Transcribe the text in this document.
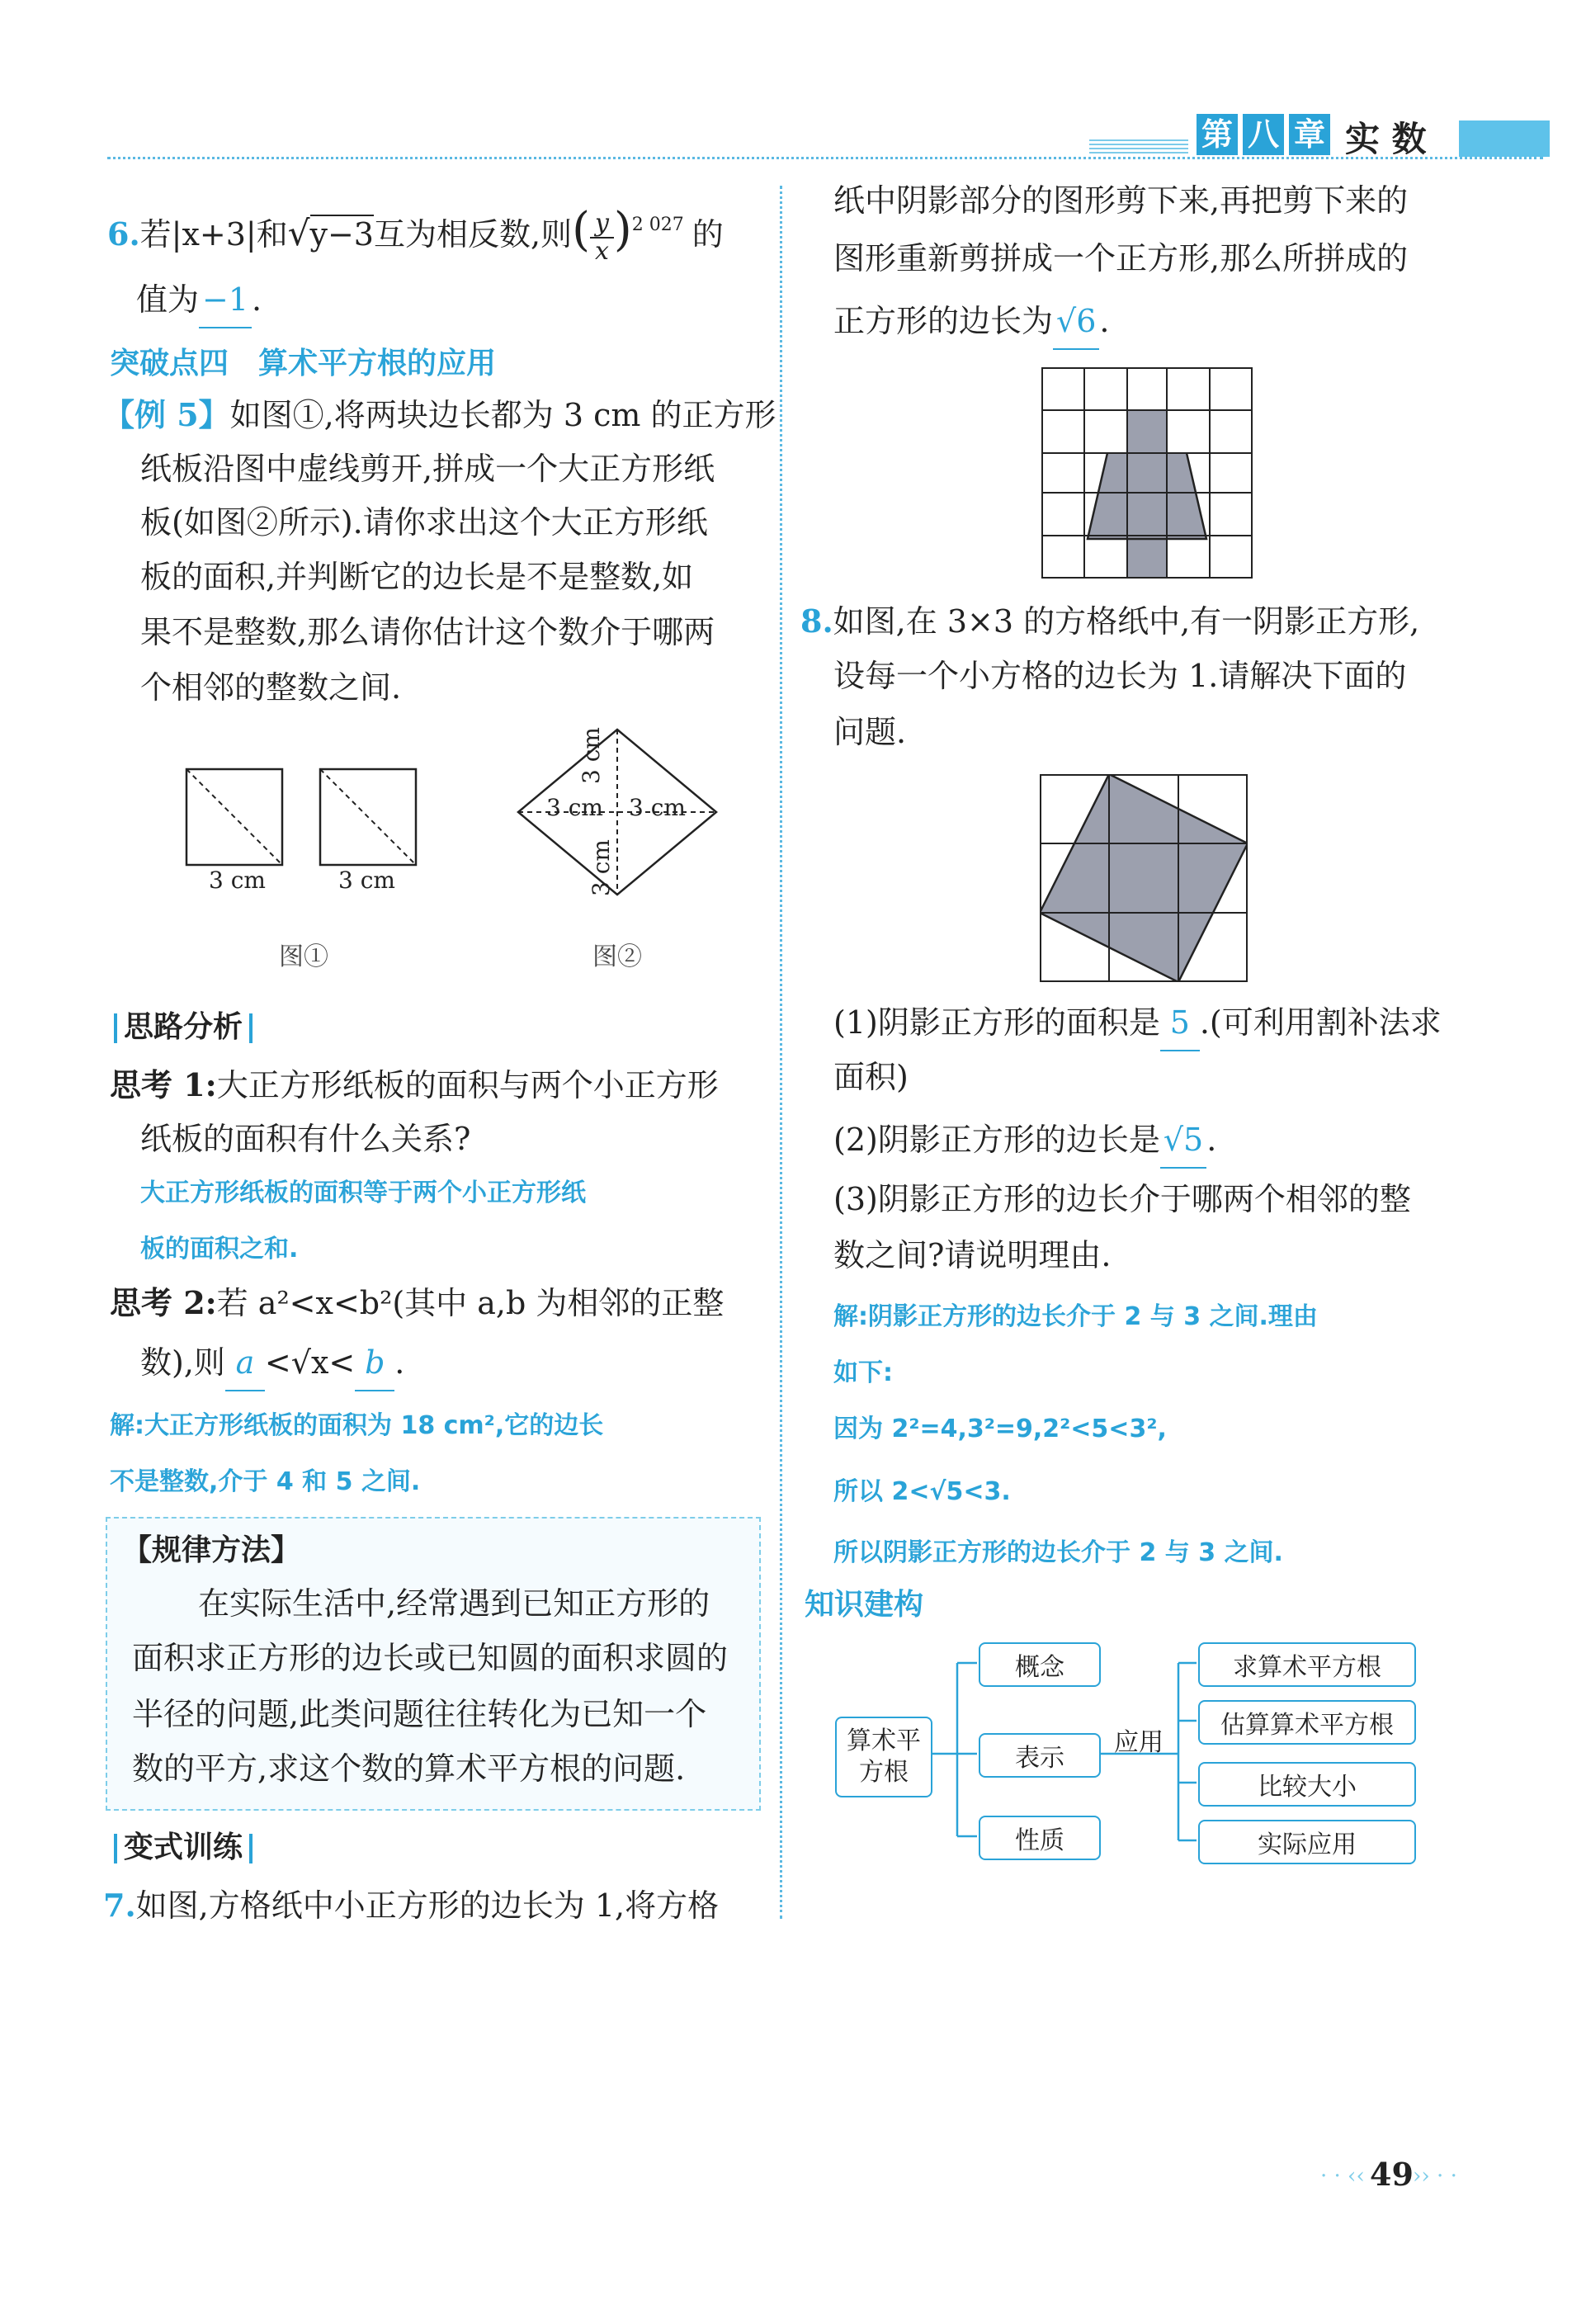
第 八 章 实 数
6.若|x+3|和√y−3互为相反数,则( $\frac{y}{x} )^{2 027}$ 的
值为 −1 .
突破点四　算术平方根的应用
【例 5】如图①,将两块边长都为 3 cm 的正方形
纸板沿图中虚线剪开,拼成一个大正方形纸
板(如图②所示).请你求出这个大正方形纸
板的面积,并判断它的边长是不是整数,如
果不是整数,那么请你估计这个数介于哪两
个相邻的整数之间.
3 cm	3 cm
3 cm 3 cm
3 cm
3 cm
图①	图②
思路分析
思考 1:大正方形纸板的面积与两个小正方形
纸板的面积有什么关系?
大正方形纸板的面积等于两个小正方形纸
板的面积之和.
思考 2:若 a²<x<b²(其中 a,b 为相邻的正整
数),则 a <√x< b .
解:大正方形纸板的面积为 18 cm²,它的边长
不是整数,介于 4 和 5 之间.
【规律方法】
在实际生活中,经常遇到已知正方形的
面积求正方形的边长或已知圆的面积求圆的
半径的问题,此类问题往往转化为已知一个
数的平方,求这个数的算术平方根的问题.
变式训练
7.如图,方格纸中小正方形的边长为 1,将方格
纸中阴影部分的图形剪下来,再把剪下来的
图形重新剪拼成一个正方形,那么所拼成的
正方形的边长为 √6 .
8.如图,在 3×3 的方格纸中,有一阴影正方形,
设每一个小方格的边长为 1.请解决下面的
问题.
(1)阴影正方形的面积是 5 .(可利用割补法求
面积)
(2)阴影正方形的边长是 √5 .
(3)阴影正方形的边长介于哪两个相邻的整
数之间?请说明理由.
解:阴影正方形的边长介于 2 与 3 之间.理由
如下:
因为 2²=4,3²=9,2²<5<3²,
所以 2<√5<3.
所以阴影正方形的边长介于 2 与 3 之间.
知识建构
算术平
方根
概念
表示
性质
应用
求算术平方根
估算算术平方根
比较大小
实际应用
· · ‹‹ 49 ›› · ·
